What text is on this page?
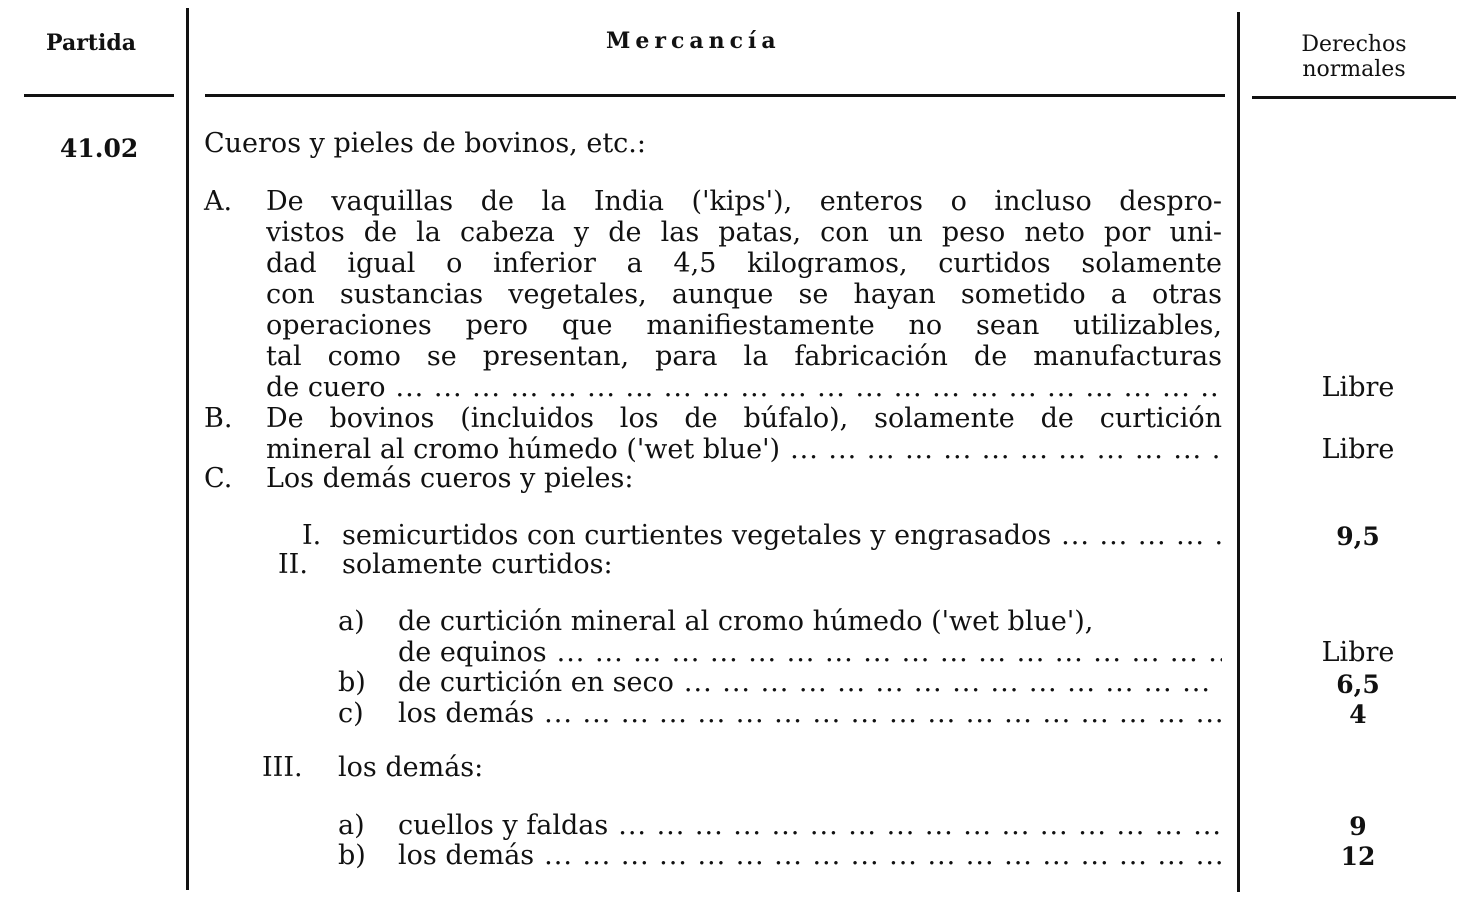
Partida	Mercancía	Derechos
normales
41.02 Cueros y pieles de bovinos, etc.:
A. De vaquillas de la India ('kips'), enteros o incluso despro-
vistos de la cabeza y de las patas, con un peso neto por uni-
dad igual o inferior a 4,5 kilogramos, curtidos solamente
con sustancias vegetales, aunque se hayan sometido a otras
operaciones pero que manifiestamente no sean utilizables,
tal como se presentan, para la fabricación de manufacturas
de cuero ... .	Libre
B. De bovinos (incluidos los de búfalo), solamente de curtición
mineral al cromo húmedo ('wet blue') ... .	Libre
C. Los demás cueros y pieles:
I. semicurtidos con curtientes vegetales y engrasados ... .	9,5
II. solamente curtidos:
a) de curtición mineral al cromo húmedo ('wet blue'),
de equinos ... .	Libre
b) de curtición en seco ... .	6,5
c) los demás ... .	4
III. los demás:
a) cuellos y faldas ... .	9
b) los demás ... .	12
